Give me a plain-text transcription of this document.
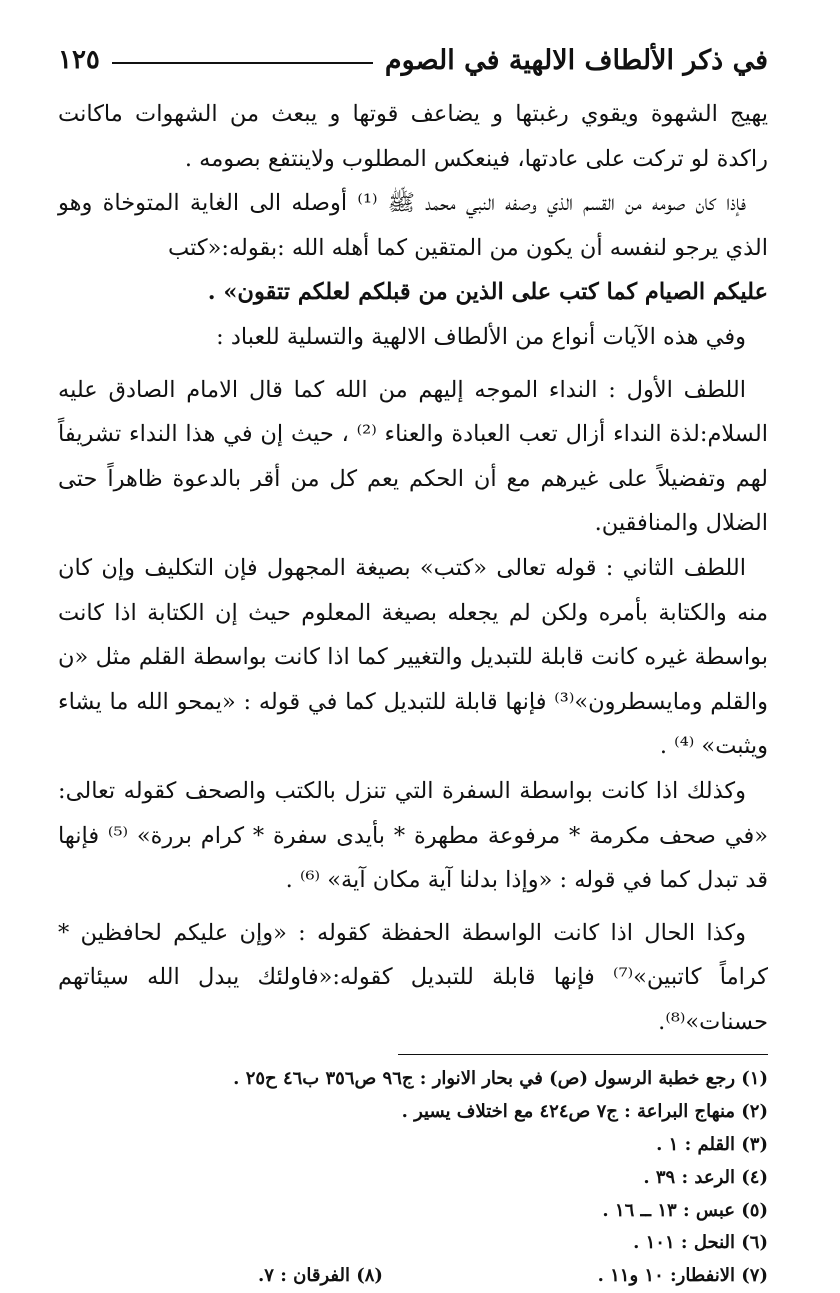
في ذكر الألطاف الالهية في الصوم
١٢٥

يهيج الشهوة ويقوي رغبتها و يضاعف قوتها و يبعث من الشهوات ماكانت راكدة لو تركت على عادتها، فينعكس المطلوب ولاينتفع بصومه .

فإذا كان صومه من القسم الذي وصفه النبي محمد ﷺ ⁽¹⁾ أوصله الى الغاية المتوخاة وهو الذي يرجو لنفسه أن يكون من المتقين كما أهله الله :بقوله:«كتب

عليكم الصيام كما كتب على الذين من قبلكم لعلكم تتقون» .

وفي هذه الآيات أنواع من الألطاف الالهية والتسلية للعباد :

اللطف الأول : النداء الموجه إليهم من الله كما قال الامام الصادق عليه السلام:لذة النداء أزال تعب العبادة والعناء ⁽²⁾ ، حيث إن في هذا النداء تشريفاً لهم وتفضيلاً على غيرهم مع أن الحكم يعم كل من أقر بالدعوة ظاهراً حتى الضلال والمنافقين.

اللطف الثاني : قوله تعالى «كتب» بصيغة المجهول فإن التكليف وإن كان منه والكتابة بأمره ولكن لم يجعله بصيغة المعلوم حيث إن الكتابة اذا كانت بواسطة غيره كانت قابلة للتبديل والتغيير كما اذا كانت بواسطة القلم مثل «ن والقلم ومايسطرون»⁽³⁾ فإنها قابلة للتبديل كما في قوله : «يمحو الله ما يشاء ويثبت» ⁽⁴⁾ .

وكذلك اذا كانت بواسطة السفرة التي تنزل بالكتب والصحف كقوله تعالى: «في صحف مكرمة * مرفوعة مطهرة * بأيدى سفرة * كرام بررة» ⁽⁵⁾ فإنها قد تبدل كما في قوله : «وإذا بدلنا آية مكان آية» ⁽⁶⁾ .

وكذا الحال اذا كانت الواسطة الحفظة كقوله : «وإن عليكم لحافظين * كراماً كاتبين»⁽⁷⁾ فإنها قابلة للتبديل كقوله:«فاولئك يبدل الله سيئاتهم حسنات»⁽⁸⁾.

(١) رجع خطبة الرسول (ص) في بحار الانوار : ج٩٦ ص٣٥٦ ب٤٦ ح٢٥ .
(٢) منهاج البراعة : ج٧ ص٤٢٤ مع اختلاف يسير .
(٣) القلم : ١ .
(٤) الرعد : ٣٩ .
(٥) عبس : ١٣ ــ ١٦ .
(٦) النحل : ١٠١ .
(٧) الانفطار: ١٠ و١١ .
(٨) الفرقان : ٧.
